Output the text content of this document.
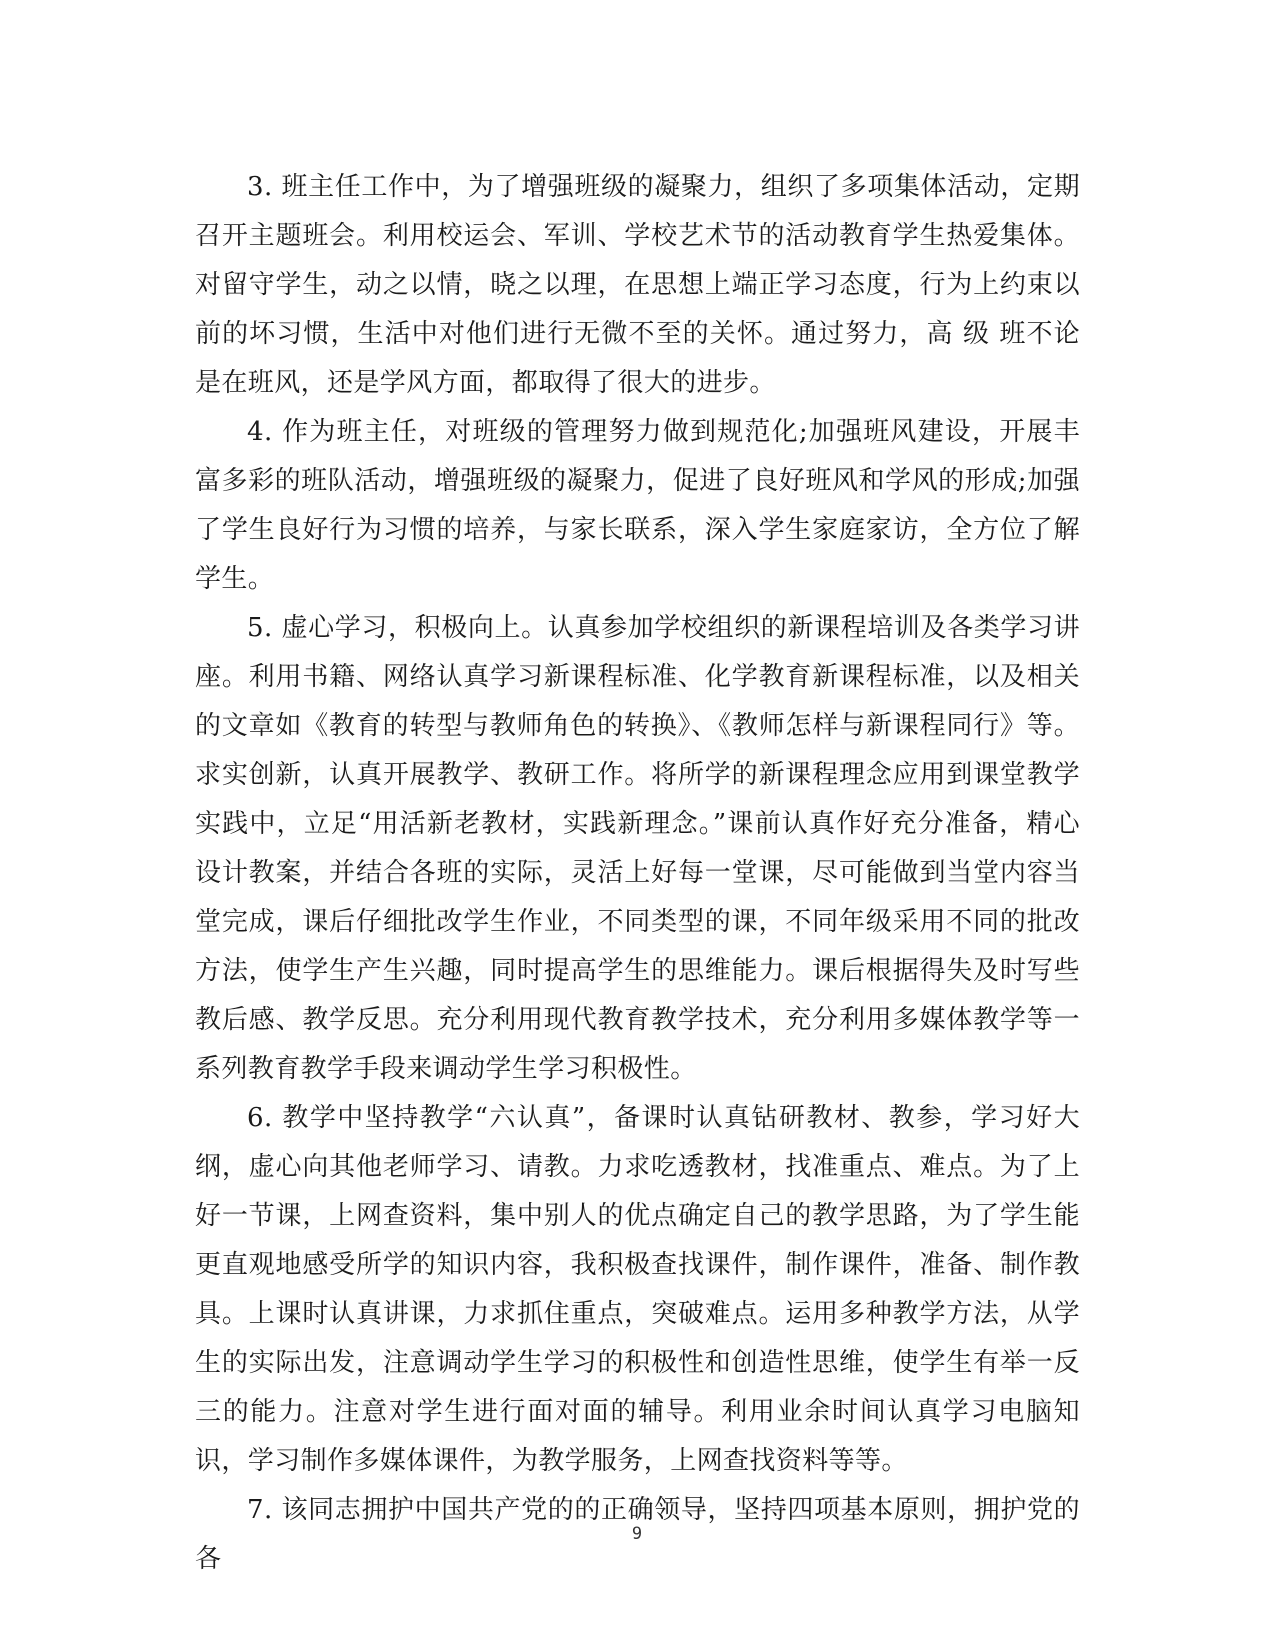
3. 班主任工作中，为了增强班级的凝聚力，组织了多项集体活动，定期召开主题班会。利用校运会、军训、学校艺术节的活动教育学生热爱集体。对留守学生，动之以情，晓之以理，在思想上端正学习态度，行为上约束以前的坏习惯，生活中对他们进行无微不至的关怀。通过努力，高 级 班不论是在班风，还是学风方面，都取得了很大的进步。

4. 作为班主任，对班级的管理努力做到规范化;加强班风建设，开展丰富多彩的班队活动，增强班级的凝聚力，促进了良好班风和学风的形成;加强了学生良好行为习惯的培养，与家长联系，深入学生家庭家访，全方位了解学生。

5. 虚心学习，积极向上。认真参加学校组织的新课程培训及各类学习讲座。利用书籍、网络认真学习新课程标准、化学教育新课程标准，以及相关的文章如《教育的转型与教师角色的转换》、《教师怎样与新课程同行》等。求实创新，认真开展教学、教研工作。将所学的新课程理念应用到课堂教学实践中，立足“用活新老教材，实践新理念。”课前认真作好充分准备，精心设计教案，并结合各班的实际，灵活上好每一堂课，尽可能做到当堂内容当堂完成，课后仔细批改学生作业，不同类型的课，不同年级采用不同的批改方法，使学生产生兴趣，同时提高学生的思维能力。课后根据得失及时写些教后感、教学反思。充分利用现代教育教学技术，充分利用多媒体教学等一系列教育教学手段来调动学生学习积极性。

6. 教学中坚持教学“六认真”，备课时认真钻研教材、教参，学习好大纲，虚心向其他老师学习、请教。力求吃透教材，找准重点、难点。为了上好一节课，上网查资料，集中别人的优点确定自己的教学思路，为了学生能更直观地感受所学的知识内容，我积极查找课件，制作课件，准备、制作教具。上课时认真讲课，力求抓住重点，突破难点。运用多种教学方法，从学生的实际出发，注意调动学生学习的积极性和创造性思维，使学生有举一反三的能力。注意对学生进行面对面的辅导。利用业余时间认真学习电脑知识，学习制作多媒体课件，为教学服务，上网查找资料等等。

7. 该同志拥护中国共产党的的正确领导，坚持四项基本原则，拥护党的各

9
